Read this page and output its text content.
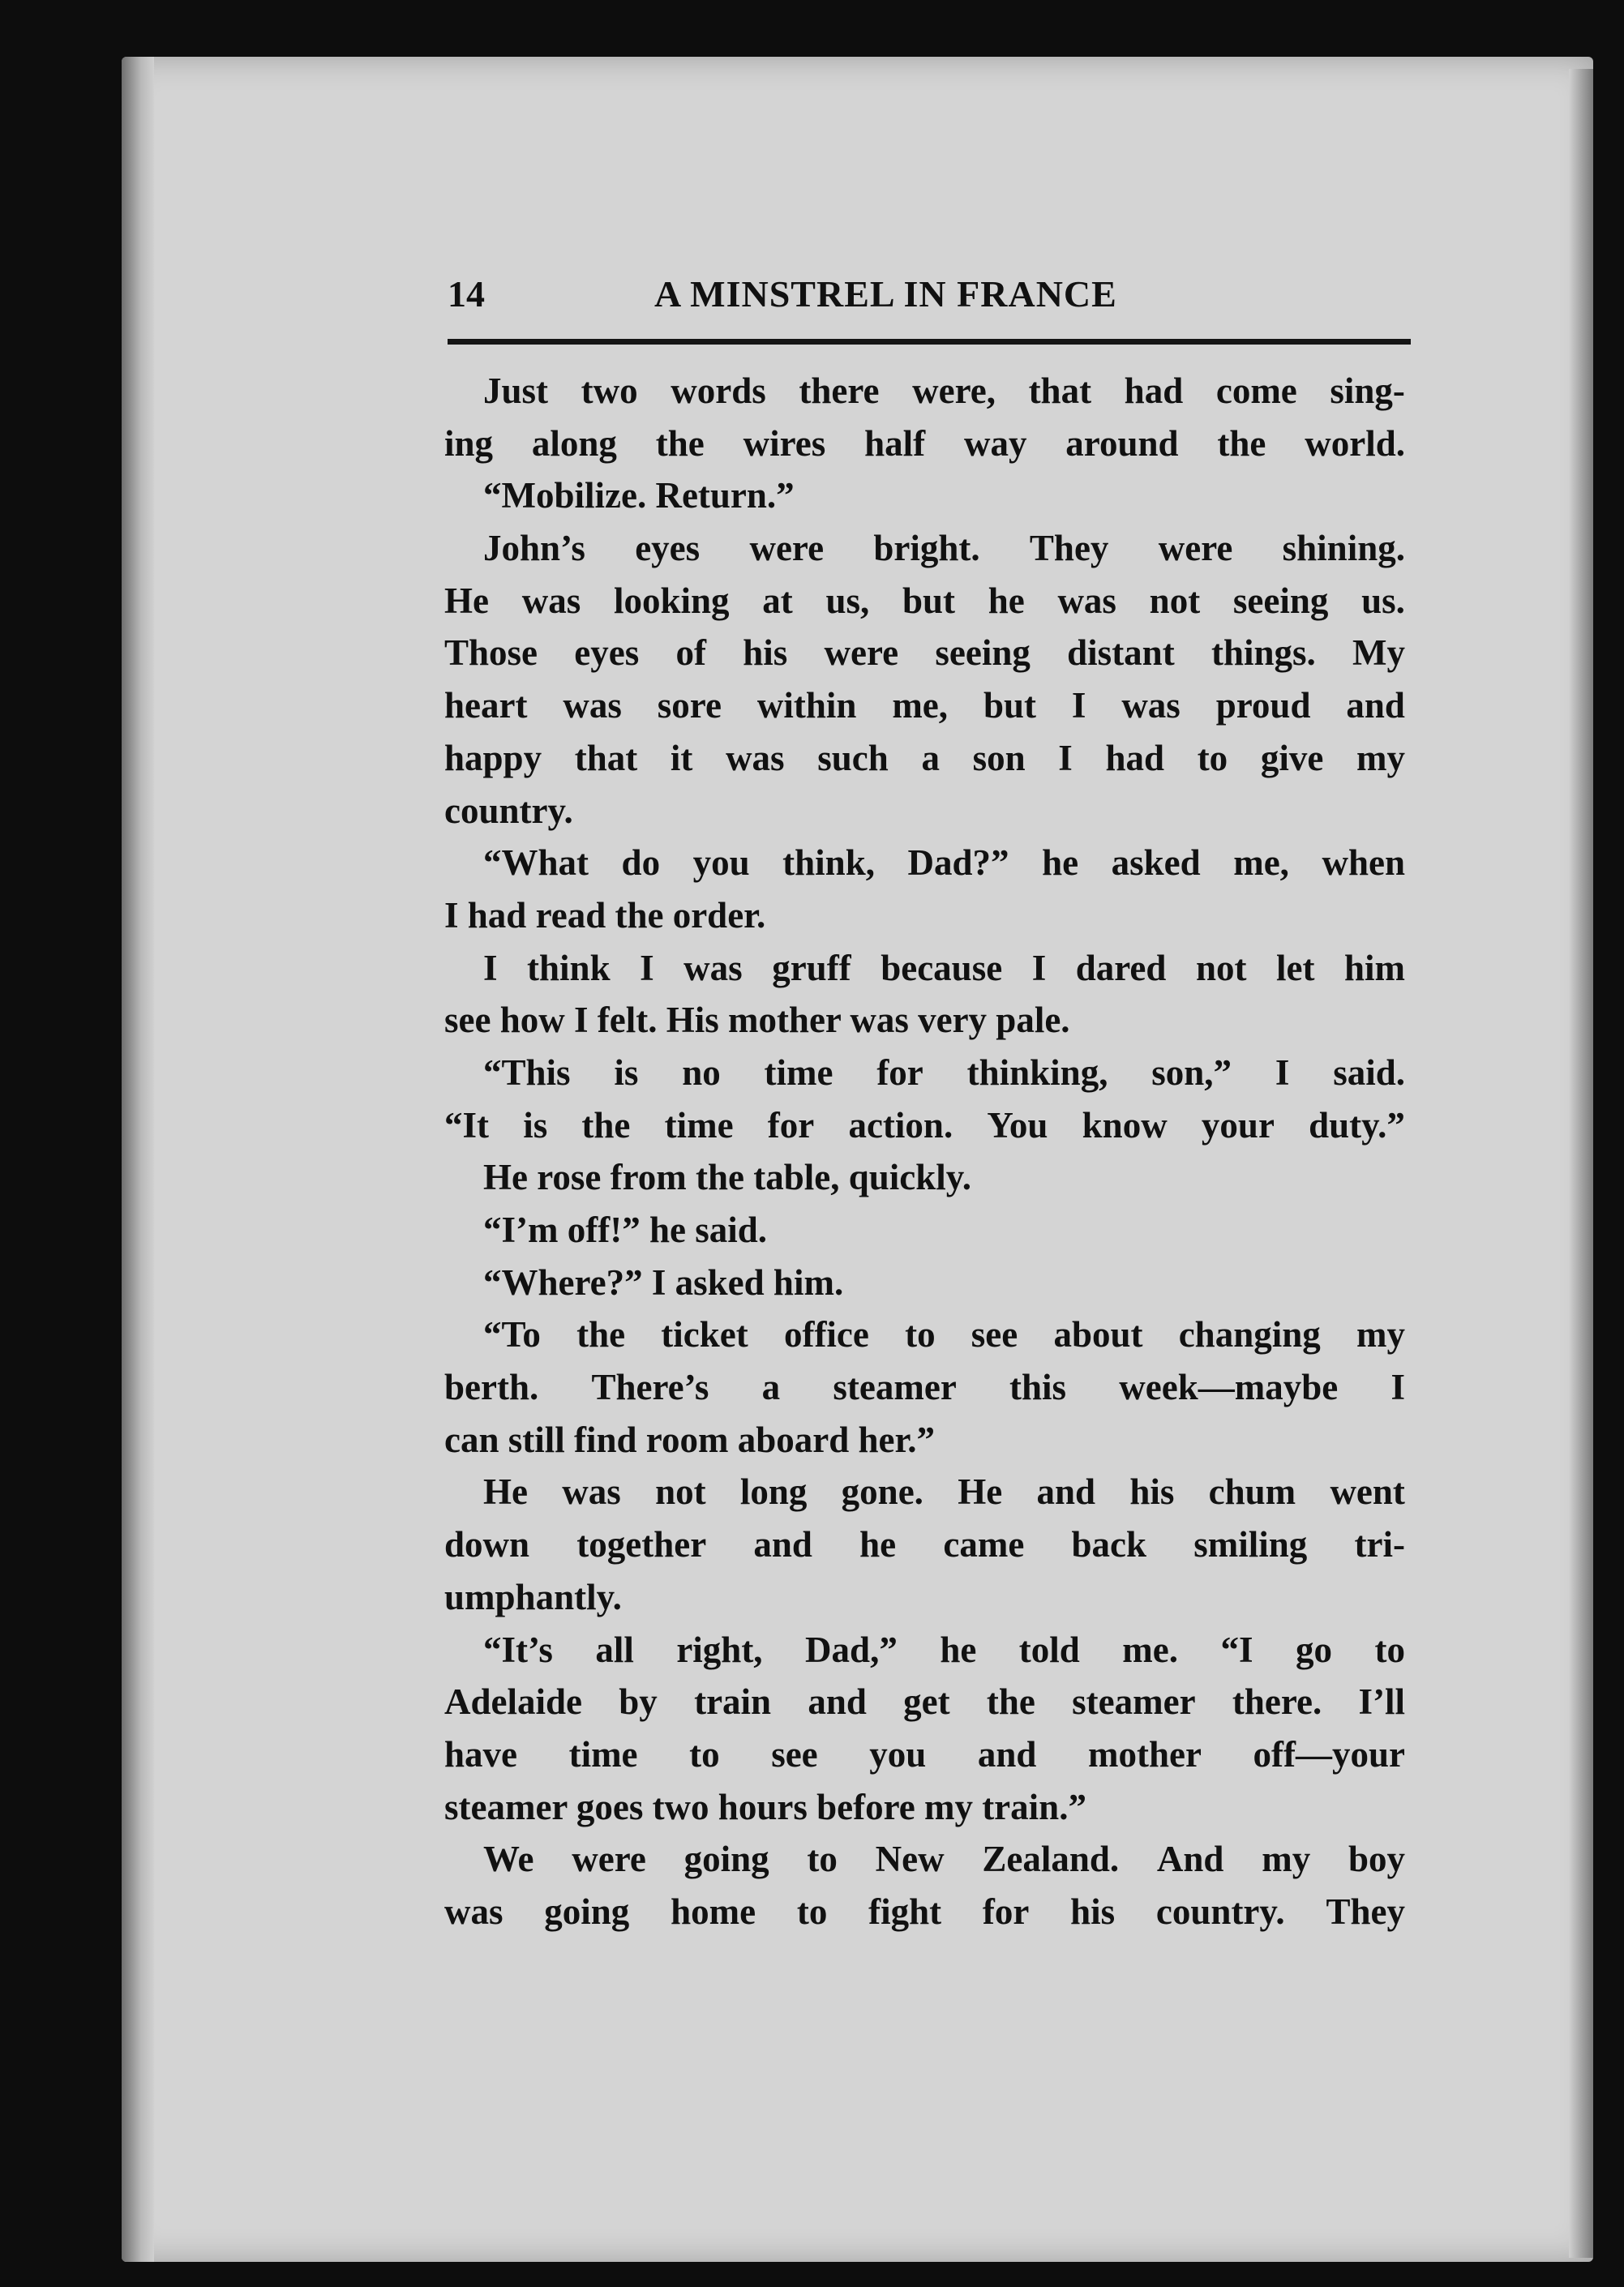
14	A MINSTREL IN FRANCE
Just two words there were, that had come sing-
ing along the wires half way around the world.
“Mobilize. Return.”
John’s eyes were bright. They were shining.
He was looking at us, but he was not seeing us.
Those eyes of his were seeing distant things. My
heart was sore within me, but I was proud and
happy that it was such a son I had to give my
country.
“What do you think, Dad?” he asked me, when
I had read the order.
I think I was gruff because I dared not let him
see how I felt. His mother was very pale.
“This is no time for thinking, son,” I said.
“It is the time for action. You know your duty.”
He rose from the table, quickly.
“I’m off!” he said.
“Where?” I asked him.
“To the ticket office to see about changing my
berth. There’s a steamer this week—maybe I
can still find room aboard her.”
He was not long gone. He and his chum went
down together and he came back smiling tri-
umphantly.
“It’s all right, Dad,” he told me. “I go to
Adelaide by train and get the steamer there. I’ll
have time to see you and mother off—your
steamer goes two hours before my train.”
We were going to New Zealand. And my boy
was going home to fight for his country. They
